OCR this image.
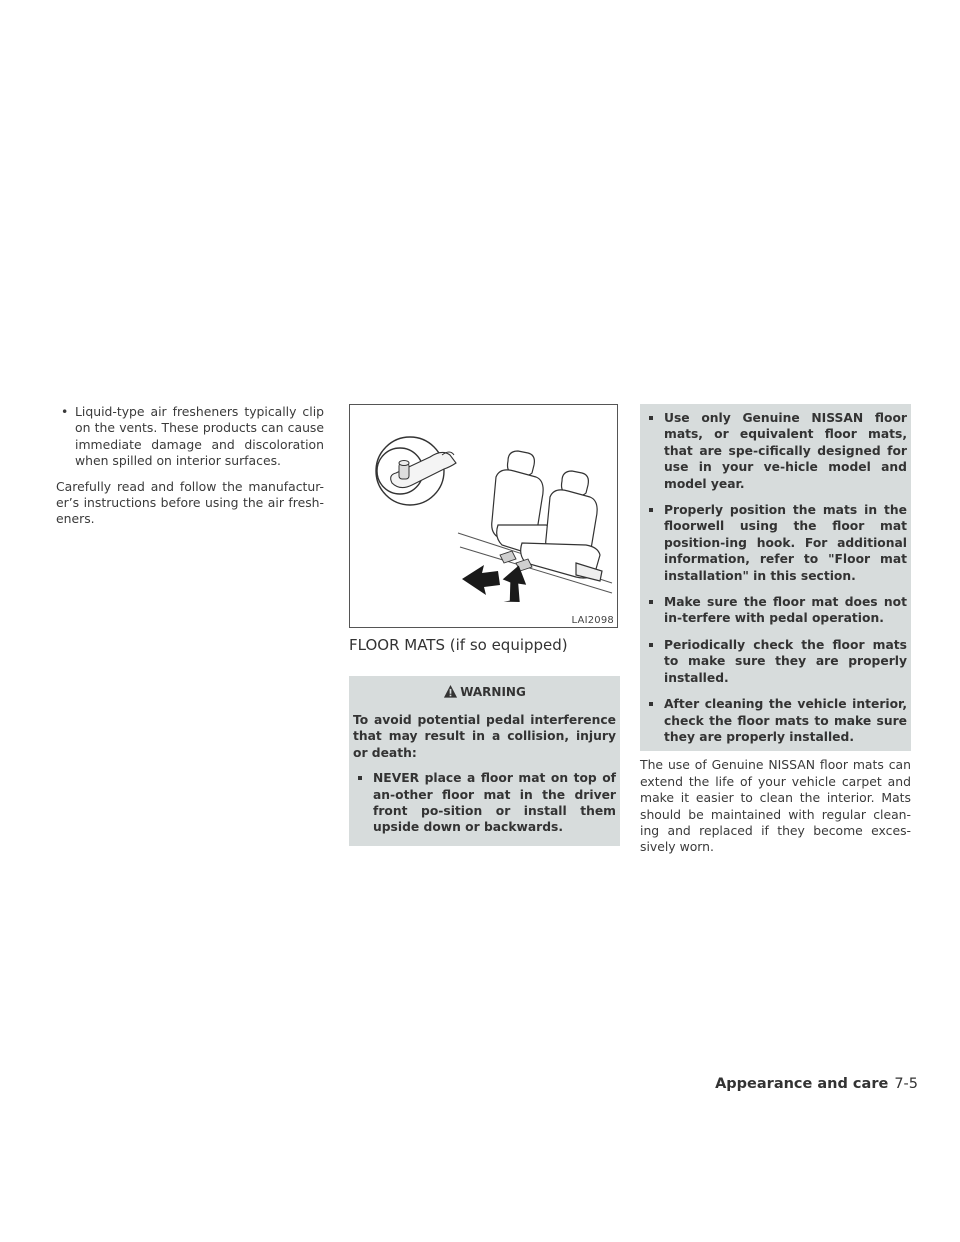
• Liquid-type air fresheners typically clip on the vents. These products can cause immediate damage and discoloration when spilled on interior surfaces.

Carefully read and follow the manufactur-er’s instructions before using the air fresh-eners.

LAI2098
FLOOR MATS (if so equipped)
WARNING
To avoid potential pedal interference that may result in a collision, injury or death:
NEVER place a floor mat on top of an-other floor mat in the driver front po-sition or install them upside down or backwards.
Use only Genuine NISSAN floor mats, or equivalent floor mats, that are spe-cifically designed for use in your ve-hicle model and model year.
Properly position the mats in the floorwell using the floor mat position-ing hook. For additional information, refer to "Floor mat installation" in this section.
Make sure the floor mat does not in-terfere with pedal operation.
Periodically check the floor mats to make sure they are properly installed.
After cleaning the vehicle interior, check the floor mats to make sure they are properly installed.

The use of Genuine NISSAN floor mats can extend the life of your vehicle carpet and make it easier to clean the interior. Mats should be maintained with regular clean-ing and replaced if they become exces-sively worn.

Appearance and care 7-5
